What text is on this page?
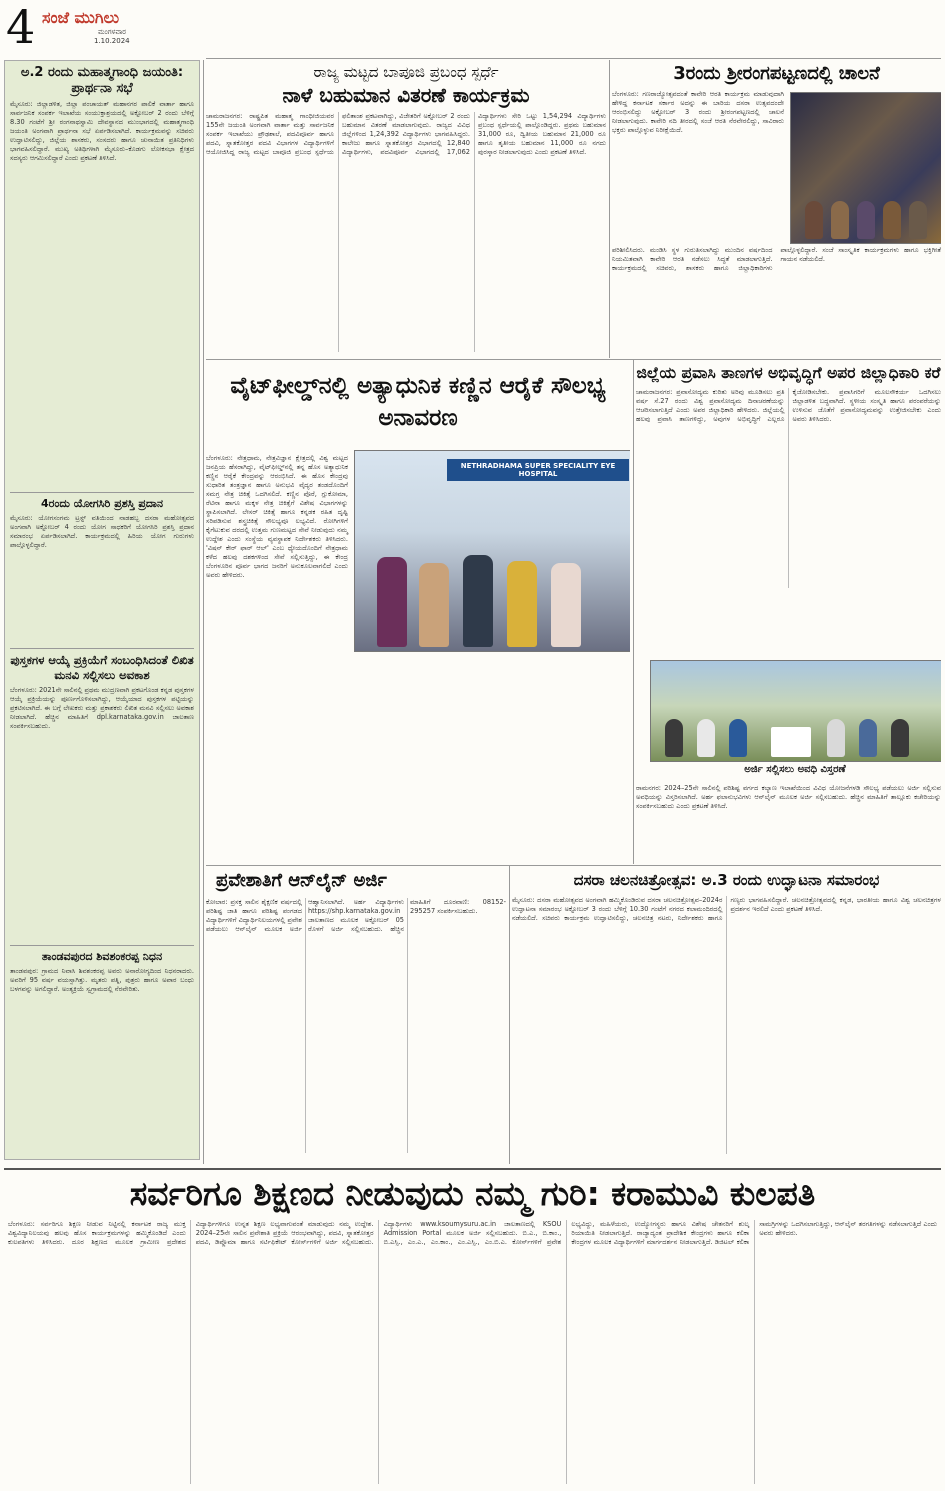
4 ಸಂಜೆ ಮುಗಿಲು
ಮಂಗಳವಾರ
1.10.2024
ಅ.2 ರಂದು ಮಹಾತ್ಮಗಾಂಧಿ ಜಯಂತಿ: ಪ್ರಾರ್ಥನಾ ಸಭೆ
ಮೈಸೂರು: ಜಿಲ್ಲಾಡಳಿತ, ಜಿಲ್ಲಾ ಪಂಚಾಯತ್ ಮಹಾನಗರ ಪಾಲಿಕೆ ವಾರ್ತಾ ಹಾಗೂ ಸಾರ್ವಜನಿಕ ಸಂಪರ್ಕ ಇಲಾಖೆಯ ಸಂಯುಕ್ತಾಶ್ರಯದಲ್ಲಿ ಅಕ್ಟೋಬರ್ 2 ರಂದು ಬೆಳಿಗ್ಗೆ 8.30 ಗಂಟೆಗೆ ಶ್ರೀ ರಂಗನಾಥಸ್ವಾಮಿ ದೇವಸ್ಥಾನದ ಮುಂಭಾಗದಲ್ಲಿ ಮಹಾತ್ಮಗಾಂಧಿ ಜಯಂತಿ ಅಂಗವಾಗಿ ಪ್ರಾರ್ಥನಾ ಸಭೆ ಏರ್ಪಡಿಸಲಾಗಿದೆ. ಕಾರ್ಯಕ್ರಮವನ್ನು ಸಚಿವರು ಉದ್ಘಾಟಿಸಲಿದ್ದು, ಜಿಲ್ಲೆಯ ಶಾಸಕರು, ಸಂಸದರು ಹಾಗೂ ಚುನಾಯಿತ ಪ್ರತಿನಿಧಿಗಳು ಭಾಗವಹಿಸಲಿದ್ದಾರೆ. ಮುಖ್ಯ ಅತಿಥಿಗಳಾಗಿ ಮೈಸೂರು–ಕೊಡಗು ಲೋಕಸಭಾ ಕ್ಷೇತ್ರದ ಸದಸ್ಯರು ಆಗಮಿಸಲಿದ್ದಾರೆ ಎಂದು ಪ್ರಕಟಣೆ ತಿಳಿಸಿದೆ.
4ರಂದು ಯೋಗಸಿರಿ ಪ್ರಶಸ್ತಿ ಪ್ರದಾನ
ಮೈಸೂರು: ಯೋಗಸಂಗಮ ಟ್ರಸ್ಟ್ ವತಿಯಿಂದ ನಾಡಹಬ್ಬ ದಸರಾ ಮಹೋತ್ಸವದ ಅಂಗವಾಗಿ ಅಕ್ಟೋಬರ್ 4 ರಂದು ಯೋಗ ಸಾಧಕರಿಗೆ ಯೋಗಸಿರಿ ಪ್ರಶಸ್ತಿ ಪ್ರದಾನ ಸಮಾರಂಭ ಏರ್ಪಡಿಸಲಾಗಿದೆ. ಕಾರ್ಯಕ್ರಮದಲ್ಲಿ ಹಿರಿಯ ಯೋಗ ಗುರುಗಳು ಪಾಲ್ಗೊಳ್ಳಲಿದ್ದಾರೆ.
ಪುಸ್ತಕಗಳ ಆಯ್ಕೆ ಪ್ರಕ್ರಿಯೆಗೆ ಸಂಬಂಧಿಸಿದಂತೆ ಲಿಖಿತ ಮನವಿ ಸಲ್ಲಿಸಲು ಅವಕಾಶ
ಬೆಂಗಳೂರು: 2021ನೇ ಸಾಲಿನಲ್ಲಿ ಪ್ರಥಮ ಮುದ್ರಣವಾಗಿ ಪ್ರಕಟಗೊಂಡ ಕನ್ನಡ ಪುಸ್ತಕಗಳ ಆಯ್ಕೆ ಪ್ರಕ್ರಿಯೆಯನ್ನು ಪೂರ್ಣಗೊಳಿಸಲಾಗಿದ್ದು, ಆಯ್ಕೆಯಾದ ಪುಸ್ತಕಗಳ ಪಟ್ಟಿಯನ್ನು ಪ್ರಕಟಿಸಲಾಗಿದೆ. ಈ ಬಗ್ಗೆ ಲೇಖಕರು ಮತ್ತು ಪ್ರಕಾಶಕರು ಲಿಖಿತ ಮನವಿ ಸಲ್ಲಿಸಲು ಅವಕಾಶ ನೀಡಲಾಗಿದೆ. ಹೆಚ್ಚಿನ ಮಾಹಿತಿಗೆ dpl.karnataka.gov.in ಜಾಲತಾಣ ಸಂಪರ್ಕಿಸಬಹುದು.
ತಾಂಡವಪುರದ ಶಿವಶಂಕರಪ್ಪ ನಿಧನ
ತಾಂಡವಪುರ: ಗ್ರಾಮದ ನಿವಾಸಿ ಶಿವಶಂಕರಪ್ಪ ಅವರು ಅನಾರೋಗ್ಯದಿಂದ ನಿಧನರಾದರು. ಅವರಿಗೆ 95 ವರ್ಷ ವಯಸ್ಸಾಗಿತ್ತು. ಮೃತರು ಪತ್ನಿ, ಪುತ್ರರು ಹಾಗೂ ಅಪಾರ ಬಂಧು ಬಳಗವನ್ನು ಅಗಲಿದ್ದಾರೆ. ಅಂತ್ಯಕ್ರಿಯೆ ಸ್ವಗ್ರಾಮದಲ್ಲಿ ನೆರವೇರಿತು.
ರಾಜ್ಯ ಮಟ್ಟದ ಬಾಪೂಜಿ ಪ್ರಬಂಧ ಸ್ಪರ್ಧೆ
ನಾಳೆ ಬಹುಮಾನ ವಿತರಣೆ ಕಾರ್ಯಕ್ರಮ
ಚಾಮರಾಜನಗರ: ರಾಷ್ಟ್ರಪಿತ ಮಹಾತ್ಮ ಗಾಂಧೀಜಿಯವರ 155ನೇ ಜಯಂತಿ ಅಂಗವಾಗಿ ವಾರ್ತಾ ಮತ್ತು ಸಾರ್ವಜನಿಕ ಸಂಪರ್ಕ ಇಲಾಖೆಯು ಪ್ರೌಢಶಾಲೆ, ಪದವಿಪೂರ್ವ ಹಾಗೂ ಪದವಿ, ಸ್ನಾತಕೋತ್ತರ ಪದವಿ ವಿಭಾಗಗಳ ವಿದ್ಯಾರ್ಥಿಗಳಿಗೆ ಆಯೋಜಿಸಿದ್ದ ರಾಜ್ಯ ಮಟ್ಟದ ಬಾಪೂಜಿ ಪ್ರಬಂಧ ಸ್ಪರ್ಧೆಯ ಫಲಿತಾಂಶ ಪ್ರಕಟವಾಗಿದ್ದು, ವಿಜೇತರಿಗೆ ಅಕ್ಟೋಬರ್ 2 ರಂದು ಬಹುಮಾನ ವಿತರಣೆ ಮಾಡಲಾಗುವುದು. ರಾಜ್ಯದ ವಿವಿಧ ಜಿಲ್ಲೆಗಳಿಂದ 1,24,392 ವಿದ್ಯಾರ್ಥಿಗಳು ಭಾಗವಹಿಸಿದ್ದರು. ಕಾಲೇಜು ಹಾಗೂ ಸ್ನಾತಕೋತ್ತರ ವಿಭಾಗದಲ್ಲಿ 12,840 ವಿದ್ಯಾರ್ಥಿಗಳು, ಪದವಿಪೂರ್ವ ವಿಭಾಗದಲ್ಲಿ 17,062 ವಿದ್ಯಾರ್ಥಿಗಳು ಸೇರಿ ಒಟ್ಟು 1,54,294 ವಿದ್ಯಾರ್ಥಿಗಳು ಪ್ರಬಂಧ ಸ್ಪರ್ಧೆಯಲ್ಲಿ ಪಾಲ್ಗೊಂಡಿದ್ದರು. ಪ್ರಥಮ ಬಹುಮಾನ 31,000 ರೂ, ದ್ವಿತೀಯ ಬಹುಮಾನ 21,000 ರೂ ಹಾಗೂ ತೃತೀಯ ಬಹುಮಾನ 11,000 ರೂ ನಗದು ಪುರಸ್ಕಾರ ನೀಡಲಾಗುವುದು ಎಂದು ಪ್ರಕಟಣೆ ತಿಳಿಸಿದೆ.
3ರಂದು ಶ್ರೀರಂಗಪಟ್ಟಣದಲ್ಲಿ ಚಾಲನೆ
ಬೆಂಗಳೂರು: ಗಣರಾಜ್ಯೋತ್ಸವದಂತೆ ಕಾವೇರಿ ಆರತಿ ಕಾರ್ಯಕ್ರಮ ಮಾಡುವುದಾಗಿ ಹೇಳಿದ್ದ ಕರ್ನಾಟಕ ಸರ್ಕಾರ ಅದನ್ನು ಈ ಬಾರಿಯ ದಸರಾ ಉತ್ಸವದಂದೇ ಆರಂಭಿಸಲಿದ್ದು ಅಕ್ಟೋಬರ್ 3 ರಂದು ಶ್ರೀರಂಗಪಟ್ಟಣದಲ್ಲಿ ಚಾಲನೆ ನೀಡಲಾಗುವುದು. ಕಾವೇರಿ ನದಿ ತೀರದಲ್ಲಿ ಸಂಜೆ ಆರತಿ ನೆರವೇರಲಿದ್ದು, ಸಾವಿರಾರು ಭಕ್ತರು ಪಾಲ್ಗೊಳ್ಳುವ ನಿರೀಕ್ಷೆಯಿದೆ.
ಪರಿಶೀಲಿಸಿದರು. ಮಂಡಿಸಿ ಸ್ಥಳ ಗುರುತಿಸಲಾಗಿದ್ದು ಮುಂದಿನ ವರ್ಷದಿಂದ ನಿಯಮಿತವಾಗಿ ಕಾವೇರಿ ಆರತಿ ನಡೆಸಲು ಸಿದ್ಧತೆ ಮಾಡಲಾಗುತ್ತಿದೆ. ಕಾರ್ಯಕ್ರಮದಲ್ಲಿ ಸಚಿವರು, ಶಾಸಕರು ಹಾಗೂ ಜಿಲ್ಲಾಧಿಕಾರಿಗಳು ಪಾಲ್ಗೊಳ್ಳಲಿದ್ದಾರೆ. ಸಂಜೆ ಸಾಂಸ್ಕೃತಿಕ ಕಾರ್ಯಕ್ರಮಗಳು ಹಾಗೂ ಭಕ್ತಿಗೀತೆ ಗಾಯನ ನಡೆಯಲಿದೆ.
ವೈಟ್‌ಫೀಲ್ಡ್‌ನಲ್ಲಿ ಅತ್ಯಾಧುನಿಕ ಕಣ್ಣಿನ ಆರೈಕೆ ಸೌಲಭ್ಯ ಅನಾವರಣ
NETHRADHAMA SUPER SPECIALITY EYE HOSPITAL
ಬೆಂಗಳೂರು: ನೇತ್ರಧಾಮ, ನೇತ್ರವಿಜ್ಞಾನ ಕ್ಷೇತ್ರದಲ್ಲಿ ವಿಶ್ವ ಮಟ್ಟದ ಜನಪ್ರಿಯ ಹೆಸರಾಗಿದ್ದು, ವೈಟ್‌ಫೀಲ್ಡ್‌ನಲ್ಲಿ ತನ್ನ ಹೊಸ ಅತ್ಯಾಧುನಿಕ ಕಣ್ಣಿನ ಆರೈಕೆ ಕೇಂದ್ರವನ್ನು ಆರಂಭಿಸಿದೆ. ಈ ಹೊಸ ಕೇಂದ್ರವು ಸುಧಾರಿತ ತಂತ್ರಜ್ಞಾನ ಹಾಗೂ ಅನುಭವಿ ವೈದ್ಯರ ತಂಡದೊಂದಿಗೆ ಸಮಗ್ರ ನೇತ್ರ ಚಿಕಿತ್ಸೆ ಒದಗಿಸಲಿದೆ. ಕಣ್ಣಿನ ಪೊರೆ, ಗ್ಲುಕೋಮಾ, ರೆಟಿನಾ ಹಾಗೂ ಮಕ್ಕಳ ನೇತ್ರ ಚಿಕಿತ್ಸೆಗೆ ವಿಶೇಷ ವಿಭಾಗಗಳನ್ನು ಸ್ಥಾಪಿಸಲಾಗಿದೆ. ಲೇಸರ್ ಚಿಕಿತ್ಸೆ ಹಾಗೂ ಕನ್ನಡಕ ರಹಿತ ದೃಷ್ಟಿ ಸರಿಪಡಿಸುವ ಶಸ್ತ್ರಚಿಕಿತ್ಸೆ ಸೌಲಭ್ಯವೂ ಲಭ್ಯವಿದೆ. ರೋಗಿಗಳಿಗೆ ಕೈಗೆಟುಕುವ ದರದಲ್ಲಿ ಉತ್ತಮ ಗುಣಮಟ್ಟದ ಸೇವೆ ನೀಡುವುದು ನಮ್ಮ ಉದ್ದೇಶ ಎಂದು ಸಂಸ್ಥೆಯ ವ್ಯವಸ್ಥಾಪಕ ನಿರ್ದೇಶಕರು ತಿಳಿಸಿದರು. 'ವಿಷನ್ ಕೇರ್ ಫಾರ್ ಆಲ್' ಎಂಬ ಧ್ಯೇಯದೊಂದಿಗೆ ನೇತ್ರಧಾಮ ಕಳೆದ ಹಲವು ದಶಕಗಳಿಂದ ಸೇವೆ ಸಲ್ಲಿಸುತ್ತಿದ್ದು, ಈ ಕೇಂದ್ರ ಬೆಂಗಳೂರಿನ ಪೂರ್ವ ಭಾಗದ ಜನರಿಗೆ ಅನುಕೂಲವಾಗಲಿದೆ ಎಂದು ಅವರು ಹೇಳಿದರು.
ಜಿಲ್ಲೆಯ ಪ್ರವಾಸಿ ತಾಣಗಳ ಅಭಿವೃದ್ಧಿಗೆ ಅಪರ ಜಿಲ್ಲಾಧಿಕಾರಿ ಕರೆ
ಚಾಮರಾಜನಗರ: ಪ್ರವಾಸೋದ್ಯಮ ಕುರಿತು ಅರಿವು ಮೂಡಿಸಲು ಪ್ರತಿ ವರ್ಷ ಸೆ.27 ರಂದು ವಿಶ್ವ ಪ್ರವಾಸೋದ್ಯಮ ದಿನಾಚರಣೆಯನ್ನು ಆಚರಿಸಲಾಗುತ್ತಿದೆ ಎಂದು ಅಪರ ಜಿಲ್ಲಾಧಿಕಾರಿ ಹೇಳಿದರು. ಜಿಲ್ಲೆಯಲ್ಲಿ ಹಲವು ಪ್ರವಾಸಿ ತಾಣಗಳಿದ್ದು, ಅವುಗಳ ಅಭಿವೃದ್ಧಿಗೆ ಎಲ್ಲರೂ ಕೈಜೋಡಿಸಬೇಕು. ಪ್ರವಾಸಿಗರಿಗೆ ಮೂಲಸೌಕರ್ಯ ಒದಗಿಸಲು ಜಿಲ್ಲಾಡಳಿತ ಬದ್ಧವಾಗಿದೆ. ಸ್ಥಳೀಯ ಸಂಸ್ಕೃತಿ ಹಾಗೂ ಪರಂಪರೆಯನ್ನು ಉಳಿಸುವ ಜೊತೆಗೆ ಪ್ರವಾಸೋದ್ಯಮವನ್ನು ಉತ್ತೇಜಿಸಬೇಕು ಎಂದು ಅವರು ತಿಳಿಸಿದರು.
ಅರ್ಜಿ ಸಲ್ಲಿಸಲು ಅವಧಿ ವಿಸ್ತರಣೆ
ರಾಮನಗರ: 2024–25ನೇ ಸಾಲಿನಲ್ಲಿ ಪರಿಶಿಷ್ಟ ವರ್ಗದ ಕಲ್ಯಾಣ ಇಲಾಖೆಯಿಂದ ವಿವಿಧ ಯೋಜನೆಗಳಡಿ ಸೌಲಭ್ಯ ಪಡೆಯಲು ಅರ್ಜಿ ಸಲ್ಲಿಸುವ ಅವಧಿಯನ್ನು ವಿಸ್ತರಿಸಲಾಗಿದೆ. ಅರ್ಹ ಫಲಾನುಭವಿಗಳು ಆನ್‌ಲೈನ್ ಮೂಲಕ ಅರ್ಜಿ ಸಲ್ಲಿಸಬಹುದು. ಹೆಚ್ಚಿನ ಮಾಹಿತಿಗೆ ತಾಲ್ಲೂಕು ಕಚೇರಿಯನ್ನು ಸಂಪರ್ಕಿಸಬಹುದು ಎಂದು ಪ್ರಕಟಣೆ ತಿಳಿಸಿದೆ.
ಪ್ರವೇಶಾತಿಗೆ ಆನ್‌ಲೈನ್ ಅರ್ಜಿ
ಕೋಲಾರ: ಪ್ರಸಕ್ತ ಸಾಲಿನ ಶೈಕ್ಷಣಿಕ ವರ್ಷದಲ್ಲಿ ಪರಿಶಿಷ್ಟ ಜಾತಿ ಹಾಗೂ ಪರಿಶಿಷ್ಟ ಪಂಗಡದ ವಿದ್ಯಾರ್ಥಿಗಳಿಗೆ ವಿದ್ಯಾರ್ಥಿನಿಲಯಗಳಲ್ಲಿ ಪ್ರವೇಶ ಪಡೆಯಲು ಆನ್‌ಲೈನ್ ಮೂಲಕ ಅರ್ಜಿ ಆಹ್ವಾನಿಸಲಾಗಿದೆ. ಅರ್ಹ ವಿದ್ಯಾರ್ಥಿಗಳು https://shp.karnataka.gov.in ಜಾಲತಾಣದ ಮೂಲಕ ಅಕ್ಟೋಬರ್ 05 ರೊಳಗೆ ಅರ್ಜಿ ಸಲ್ಲಿಸಬಹುದು. ಹೆಚ್ಚಿನ ಮಾಹಿತಿಗೆ ದೂರವಾಣಿ: 08152-295257 ಸಂಪರ್ಕಿಸಬಹುದು.
ದಸರಾ ಚಲನಚಿತ್ರೋತ್ಸವ: ಅ.3 ರಂದು ಉದ್ಘಾಟನಾ ಸಮಾರಂಭ
ಮೈಸೂರು: ದಸರಾ ಮಹೋತ್ಸವದ ಅಂಗವಾಗಿ ಹಮ್ಮಿಕೊಂಡಿರುವ ದಸರಾ ಚಲನಚಿತ್ರೋತ್ಸವ–2024ರ ಉದ್ಘಾಟನಾ ಸಮಾರಂಭ ಅಕ್ಟೋಬರ್ 3 ರಂದು ಬೆಳಿಗ್ಗೆ 10.30 ಗಂಟೆಗೆ ನಗರದ ಕಲಾಮಂದಿರದಲ್ಲಿ ನಡೆಯಲಿದೆ. ಸಚಿವರು ಕಾರ್ಯಕ್ರಮ ಉದ್ಘಾಟಿಸಲಿದ್ದು, ಚಲನಚಿತ್ರ ನಟರು, ನಿರ್ದೇಶಕರು ಹಾಗೂ ಗಣ್ಯರು ಭಾಗವಹಿಸಲಿದ್ದಾರೆ. ಚಲನಚಿತ್ರೋತ್ಸವದಲ್ಲಿ ಕನ್ನಡ, ಭಾರತೀಯ ಹಾಗೂ ವಿಶ್ವ ಚಲನಚಿತ್ರಗಳ ಪ್ರದರ್ಶನ ಇರಲಿದೆ ಎಂದು ಪ್ರಕಟಣೆ ತಿಳಿಸಿದೆ.
ಸರ್ವರಿಗೂ ಶಿಕ್ಷಣದ ನೀಡುವುದು ನಮ್ಮ ಗುರಿ: ಕರಾಮುವಿ ಕುಲಪತಿ
ಬೆಂಗಳೂರು: ಸರ್ವರಿಗೂ ಶಿಕ್ಷಣ ನೀಡುವ ನಿಟ್ಟಿನಲ್ಲಿ ಕರ್ನಾಟಕ ರಾಜ್ಯ ಮುಕ್ತ ವಿಶ್ವವಿದ್ಯಾನಿಲಯವು ಹಲವು ಹೊಸ ಕಾರ್ಯಕ್ರಮಗಳನ್ನು ಹಮ್ಮಿಕೊಂಡಿದೆ ಎಂದು ಕುಲಪತಿಗಳು ತಿಳಿಸಿದರು. ದೂರ ಶಿಕ್ಷಣದ ಮೂಲಕ ಗ್ರಾಮೀಣ ಪ್ರದೇಶದ ವಿದ್ಯಾರ್ಥಿಗಳಿಗೂ ಉನ್ನತ ಶಿಕ್ಷಣ ಲಭ್ಯವಾಗುವಂತೆ ಮಾಡುವುದು ನಮ್ಮ ಉದ್ದೇಶ. 2024–25ನೇ ಸಾಲಿನ ಪ್ರವೇಶಾತಿ ಪ್ರಕ್ರಿಯೆ ಆರಂಭವಾಗಿದ್ದು, ಪದವಿ, ಸ್ನಾತಕೋತ್ತರ ಪದವಿ, ಡಿಪ್ಲೊಮಾ ಹಾಗೂ ಸರ್ಟಿಫಿಕೇಟ್ ಕೋರ್ಸ್‌ಗಳಿಗೆ ಅರ್ಜಿ ಸಲ್ಲಿಸಬಹುದು. ವಿದ್ಯಾರ್ಥಿಗಳು www.ksoumysuru.ac.in ಜಾಲತಾಣದಲ್ಲಿ KSOU Admission Portal ಮೂಲಕ ಅರ್ಜಿ ಸಲ್ಲಿಸಬಹುದು. ಬಿ.ಎ., ಬಿ.ಕಾಂ., ಬಿ.ಎಸ್ಸಿ., ಎಂ.ಎ., ಎಂ.ಕಾಂ., ಎಂ.ಎಸ್ಸಿ., ಎಂ.ಬಿ.ಎ. ಕೋರ್ಸ್‌ಗಳಿಗೆ ಪ್ರವೇಶ ಲಭ್ಯವಿದ್ದು, ಮಹಿಳೆಯರು, ಉದ್ಯೋಗಸ್ಥರು ಹಾಗೂ ವಿಶೇಷ ಚೇತನರಿಗೆ ಶುಲ್ಕ ರಿಯಾಯಿತಿ ನೀಡಲಾಗುತ್ತಿದೆ. ರಾಜ್ಯಾದ್ಯಂತ ಪ್ರಾದೇಶಿಕ ಕೇಂದ್ರಗಳು ಹಾಗೂ ಕಲಿಕಾ ಕೇಂದ್ರಗಳ ಮೂಲಕ ವಿದ್ಯಾರ್ಥಿಗಳಿಗೆ ಮಾರ್ಗದರ್ಶನ ನೀಡಲಾಗುತ್ತಿದೆ. ಡಿಜಿಟಲ್ ಕಲಿಕಾ ಸಾಮಗ್ರಿಗಳನ್ನು ಒದಗಿಸಲಾಗುತ್ತಿದ್ದು, ಆನ್‌ಲೈನ್ ತರಗತಿಗಳನ್ನು ನಡೆಸಲಾಗುತ್ತಿದೆ ಎಂದು ಅವರು ಹೇಳಿದರು.
